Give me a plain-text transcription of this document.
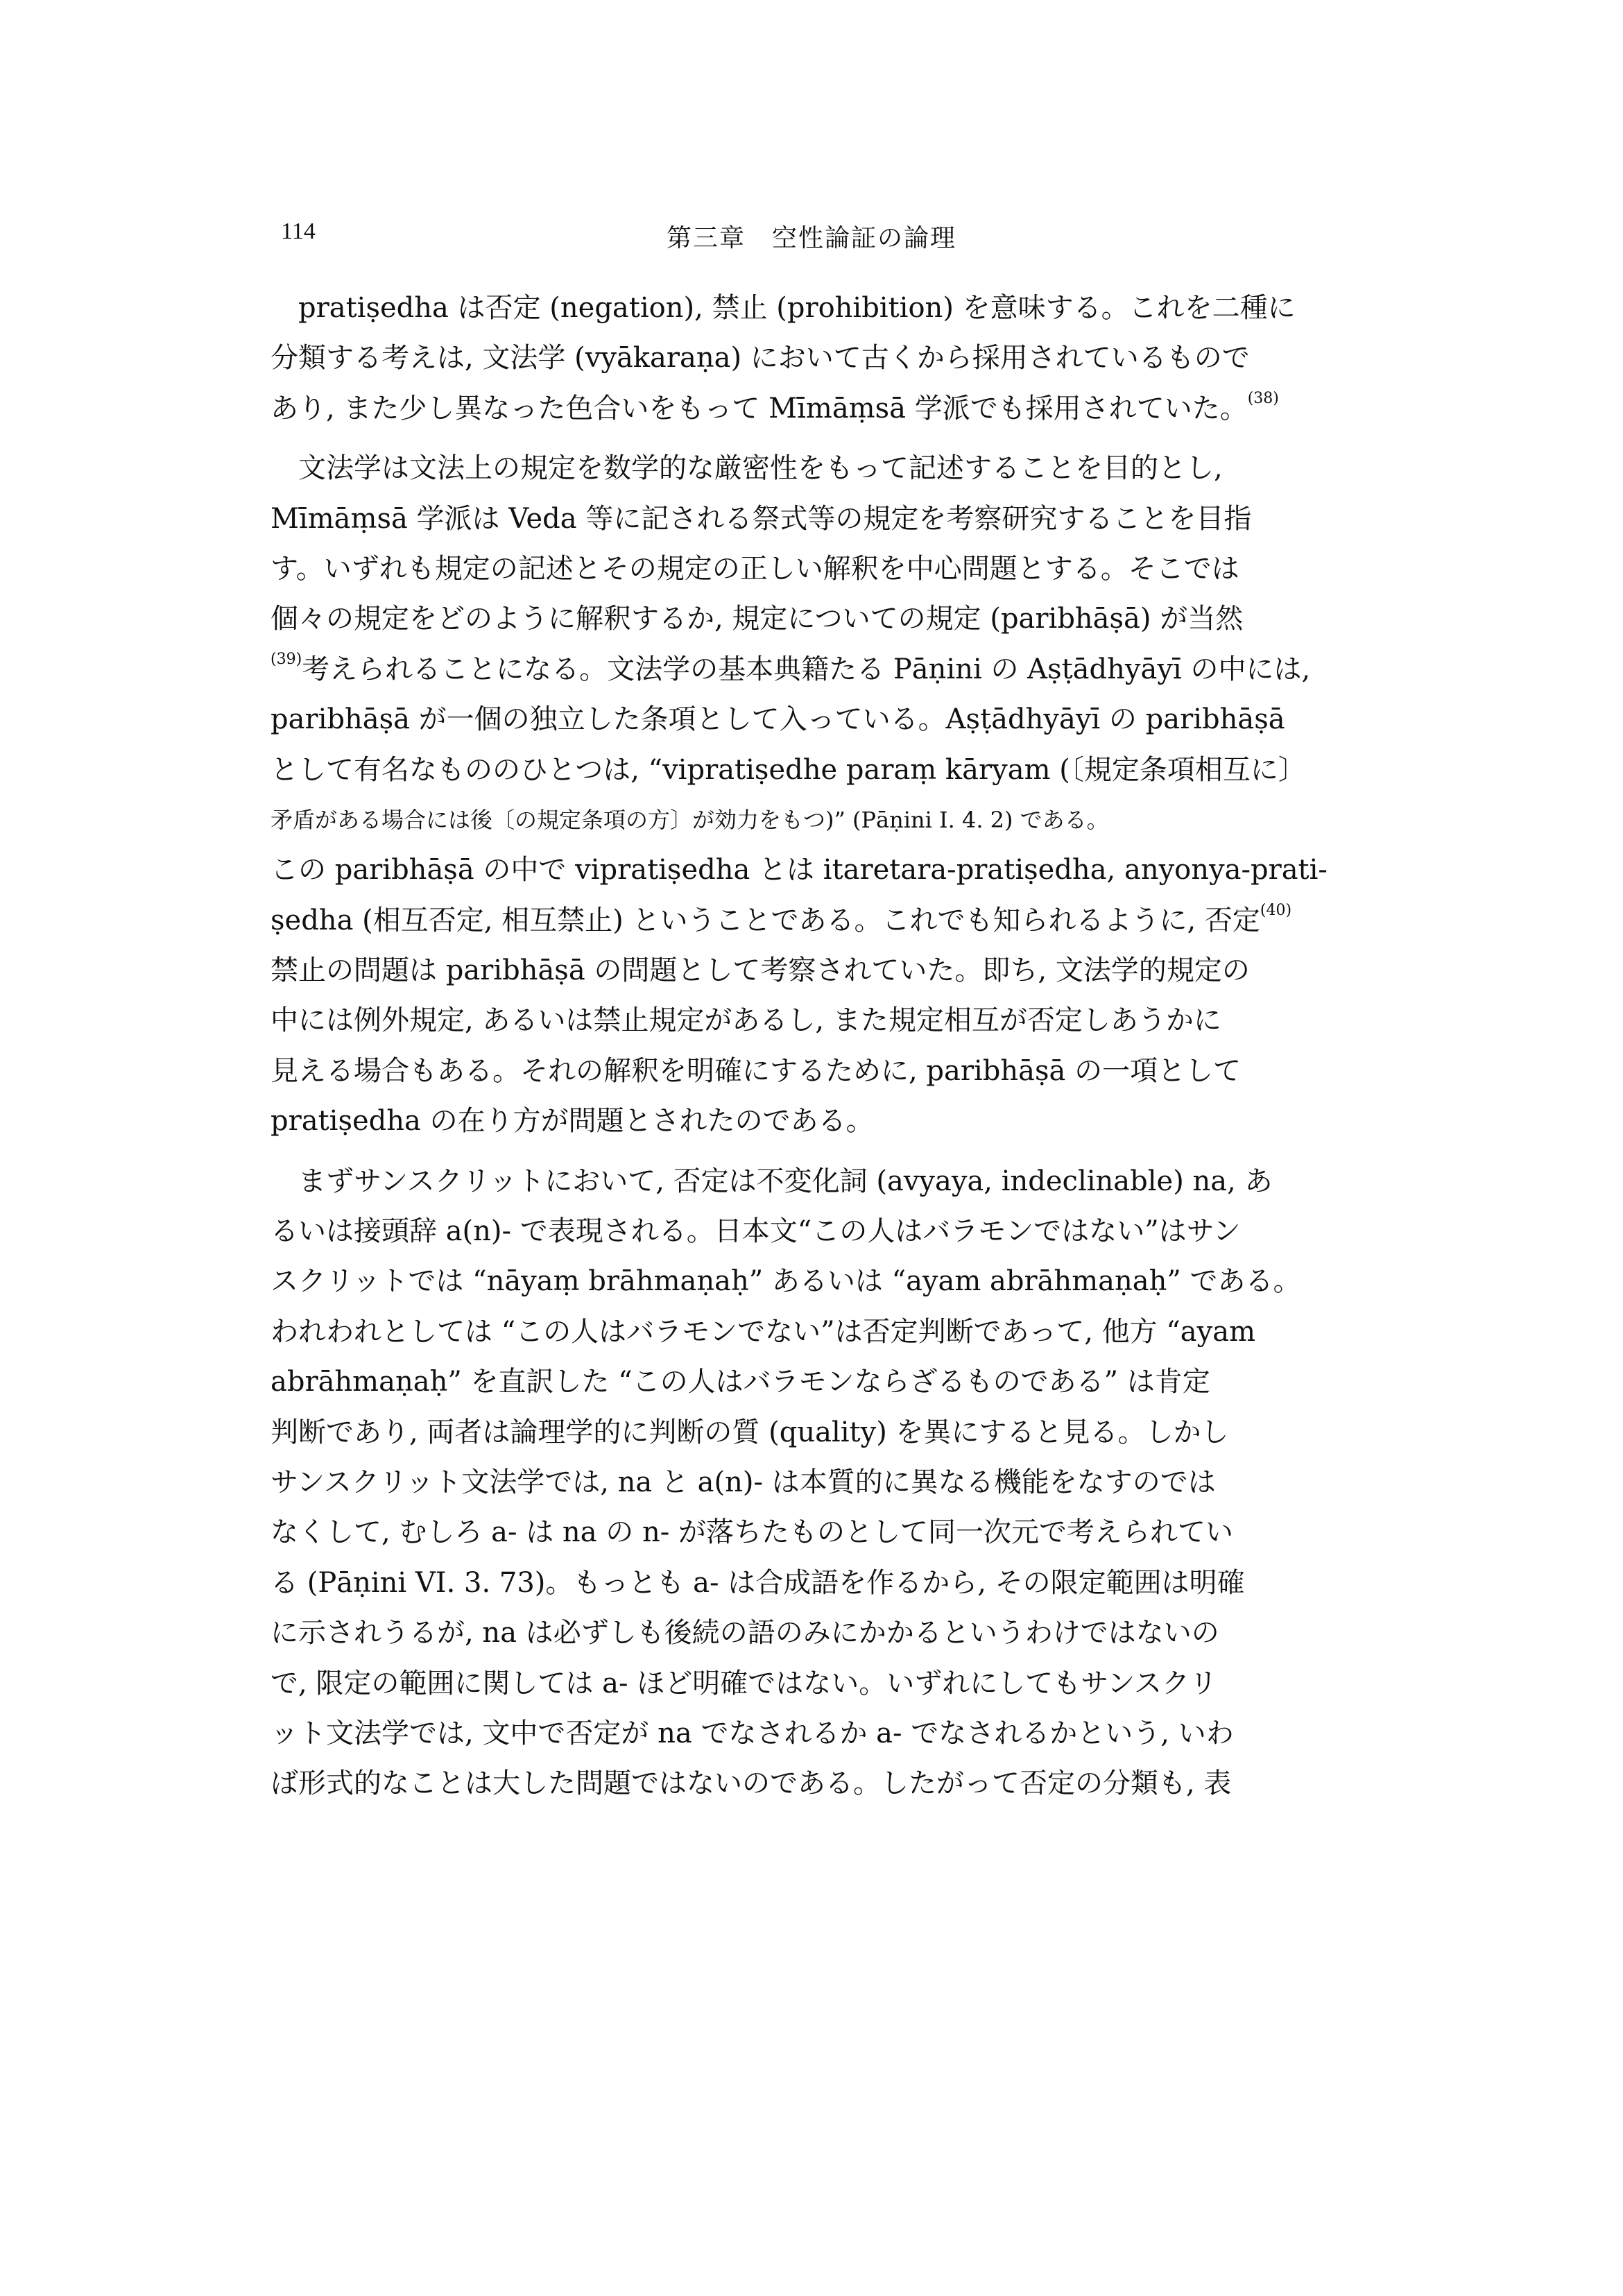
114	第三章　空性論証の論理
pratiṣedha は否定 (negation), 禁止 (prohibition) を意味する。これを二種に
分類する考えは, 文法学 (vyākaraṇa) において古くから採用されているもので
あり, また少し異なった色合いをもって Mīmāṃsā 学派でも採用されていた。$^{(38)}$
文法学は文法上の規定を数学的な厳密性をもって記述することを目的とし,
Mīmāṃsā 学派は Veda 等に記される祭式等の規定を考察研究することを目指
す。いずれも規定の記述とその規定の正しい解釈を中心問題とする。そこでは
個々の規定をどのように解釈するか, 規定についての規定 (paribhāṣā) が当然
$^{(39)}$考えられることになる。文法学の基本典籍たる Pāṇini の Aṣṭādhyāyī の中には,
paribhāṣā が一個の独立した条項として入っている。Aṣṭādhyāyī の paribhāṣā
として有名なもののひとつは, “vipratiṣedhe paraṃ kāryam (〔規定条項相互に〕
矛盾がある場合には後〔の規定条項の方〕が効力をもつ)” (Pāṇini I. 4. 2) である。
この paribhāṣā の中で vipratiṣedha とは itaretara-pratiṣedha, anyonya-prati-
ṣedha (相互否定, 相互禁止) ということである。これでも知られるように, 否定$^{(40)}$
禁止の問題は paribhāṣā の問題として考察されていた。即ち, 文法学的規定の
中には例外規定, あるいは禁止規定があるし, また規定相互が否定しあうかに
見える場合もある。それの解釈を明確にするために, paribhāṣā の一項として
pratiṣedha の在り方が問題とされたのである。
まずサンスクリットにおいて, 否定は不変化詞 (avyaya, indeclinable) na, あ
るいは接頭辞 a(n)- で表現される。日本文“この人はバラモンではない”はサン
スクリットでは “nāyaṃ brāhmaṇaḥ” あるいは “ayam abrāhmaṇaḥ” である。
われわれとしては “この人はバラモンでない”は否定判断であって, 他方 “ayam
abrāhmaṇaḥ” を直訳した “この人はバラモンならざるものである” は肯定
判断であり, 両者は論理学的に判断の質 (quality) を異にすると見る。しかし
サンスクリット文法学では, na と a(n)- は本質的に異なる機能をなすのでは
なくして, むしろ a- は na の n- が落ちたものとして同一次元で考えられてい
る (Pāṇini VI. 3. 73)。もっとも a- は合成語を作るから, その限定範囲は明確
に示されうるが, na は必ずしも後続の語のみにかかるというわけではないの
で, 限定の範囲に関しては a- ほど明確ではない。いずれにしてもサンスクリ
ット文法学では, 文中で否定が na でなされるか a- でなされるかという, いわ
ば形式的なことは大した問題ではないのである。したがって否定の分類も, 表
